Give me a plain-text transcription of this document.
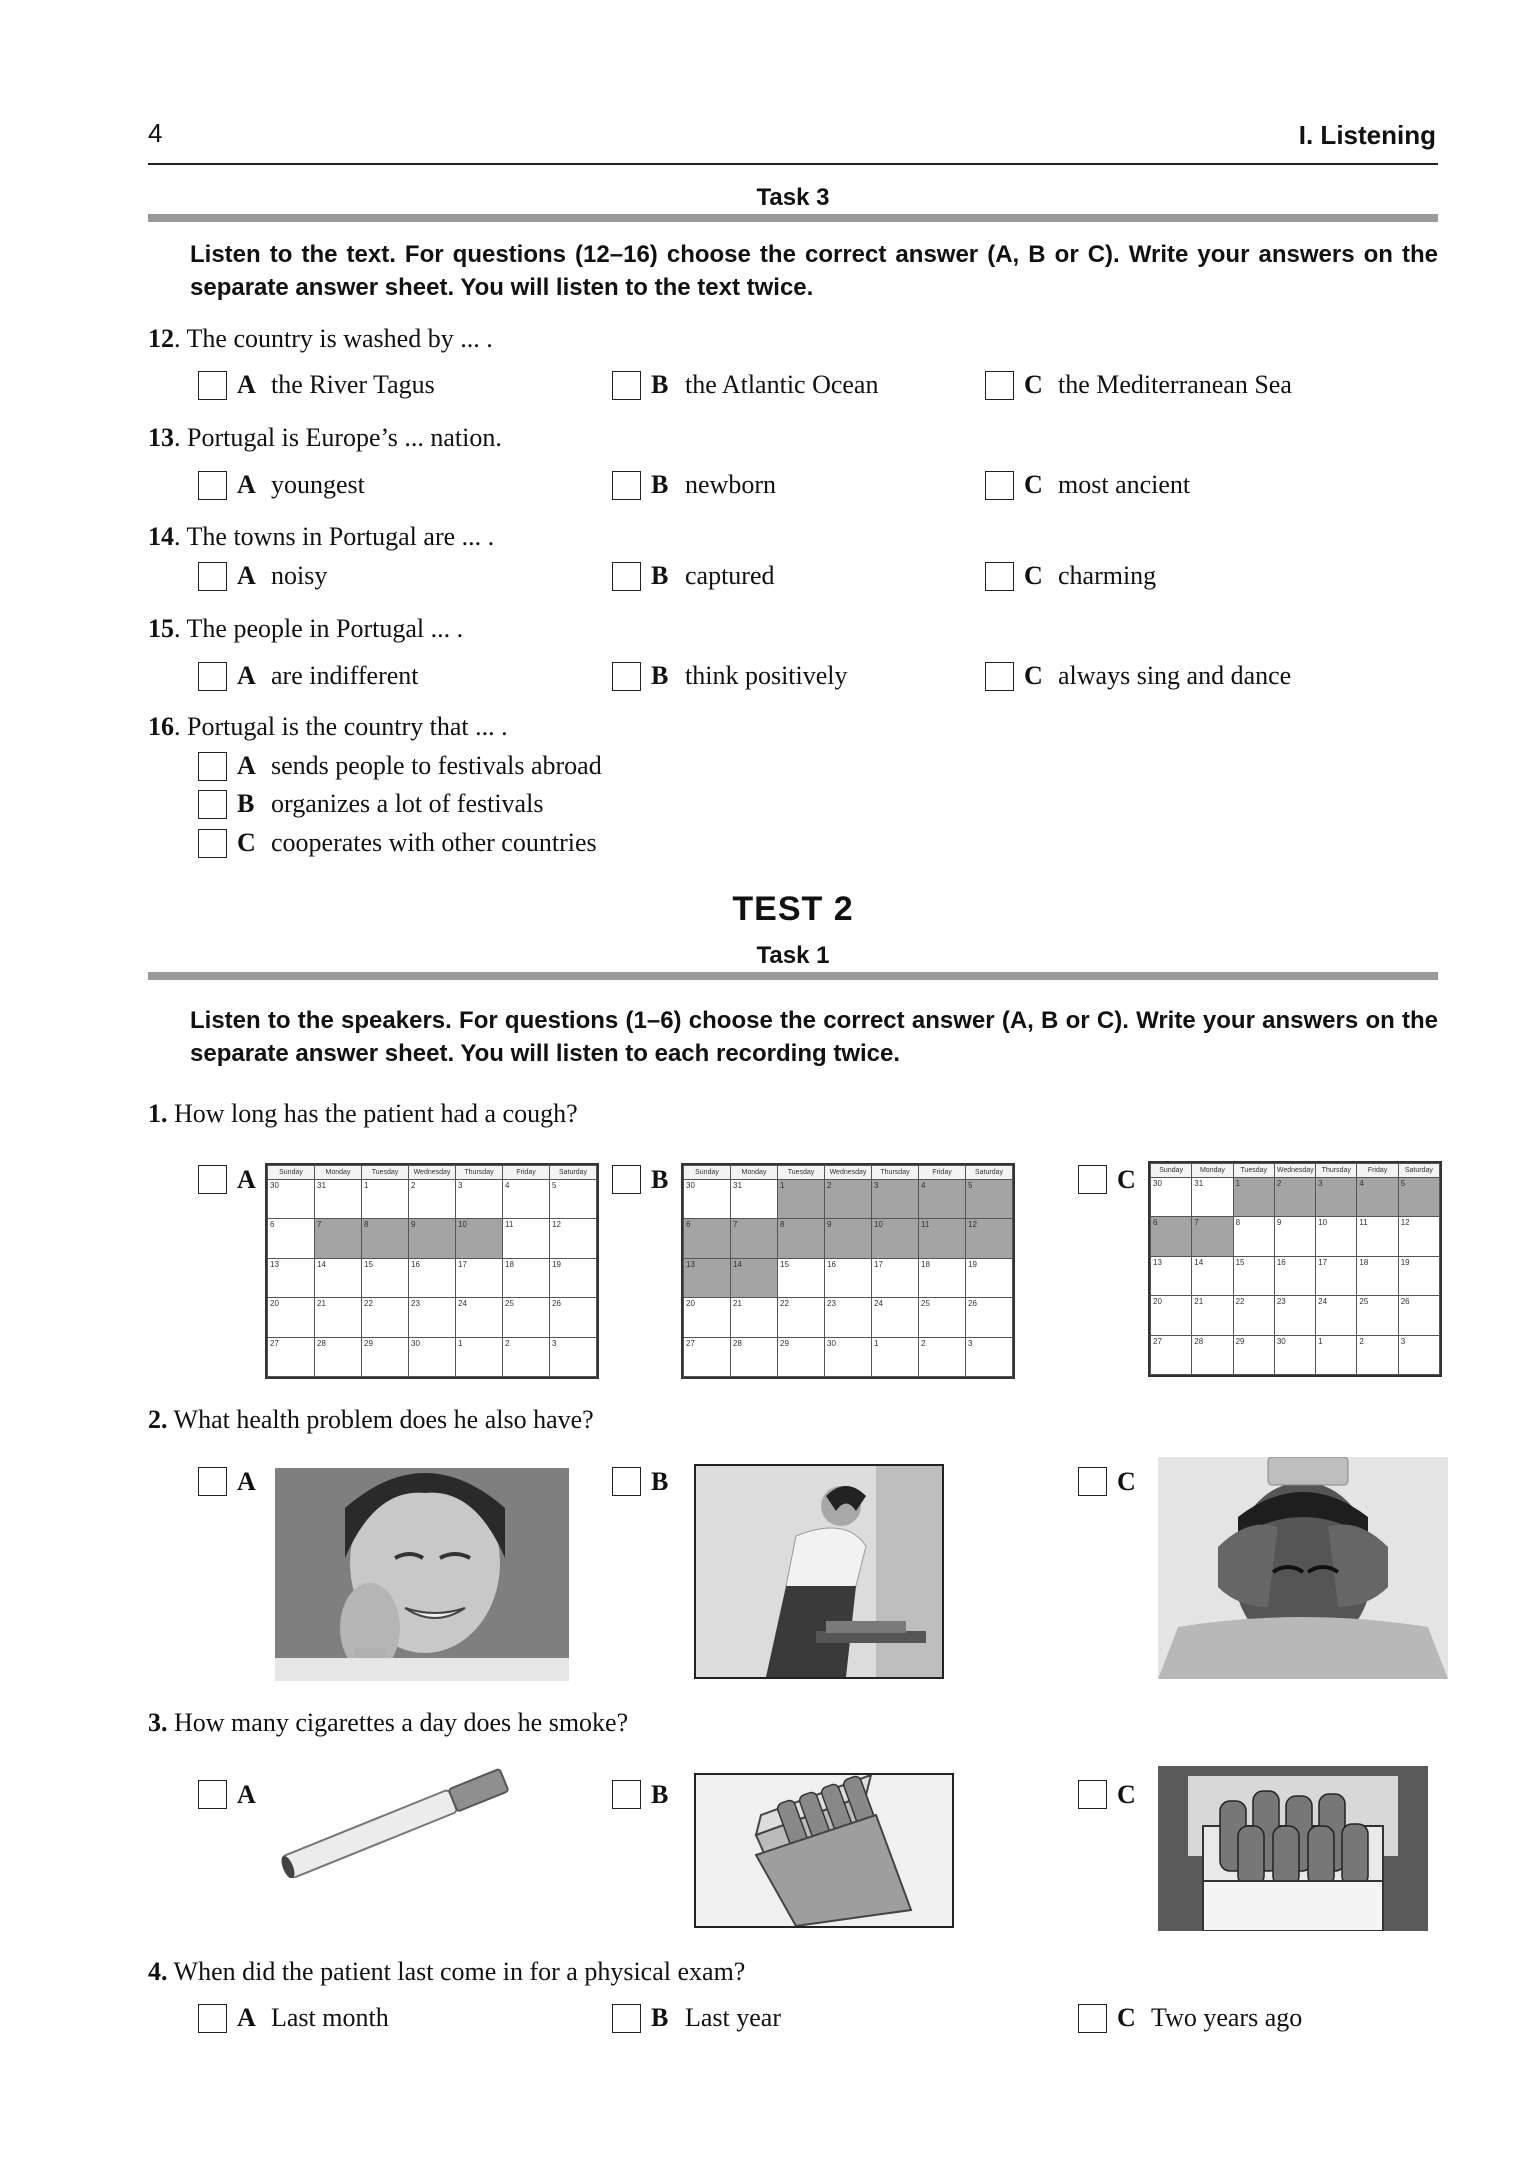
4	I. Listening
Task 3
Listen to the text. For questions (12–16) choose the correct answer (A, B or C). Write your answers on the separate answer sheet. You will listen to the text twice.
12. The country is washed by ... .
A the River Tagus	B the Atlantic Ocean	C the Mediterranean Sea
13. Portugal is Europe’s ... nation.
A youngest	B newborn	C most ancient
14. The towns in Portugal are ... .
A noisy	B captured	C charming
15. The people in Portugal ... .
A are indifferent	B think positively	C always sing and dance
16. Portugal is the country that ... .
A sends people to festivals abroad
B organizes a lot of festivals
C cooperates with other countries
TEST 2
Task 1
Listen to the speakers. For questions (1–6) choose the correct answer (A, B or C). Write your answers on the separate answer sheet. You will listen to each recording twice.
1. How long has the patient had a cough?
A	B	C
Sunday	Monday	Tuesday	Wednesday	Thursday	Friday	Saturday
30	31	1	2	3	4	5
6	7	8	9	10	11	12
13	14	15	16	17	18	19
20	21	22	23	24	25	26
27	28	29	30	1	2	3
Sunday	Monday	Tuesday	Wednesday	Thursday	Friday	Saturday
30	31	1	2	3	4	5
6	7	8	9	10	11	12
13	14	15	16	17	18	19
20	21	22	23	24	25	26
27	28	29	30	1	2	3
Sunday	Monday	Tuesday	Wednesday	Thursday	Friday	Saturday
30	31	1	2	3	4	5
6	7	8	9	10	11	12
13	14	15	16	17	18	19
20	21	22	23	24	25	26
27	28	29	30	1	2	3
2. What health problem does he also have?
A	B	C
3. How many cigarettes a day does he smoke?
A	B	C
4. When did the patient last come in for a physical exam?
A Last month	B Last year	C Two years ago
